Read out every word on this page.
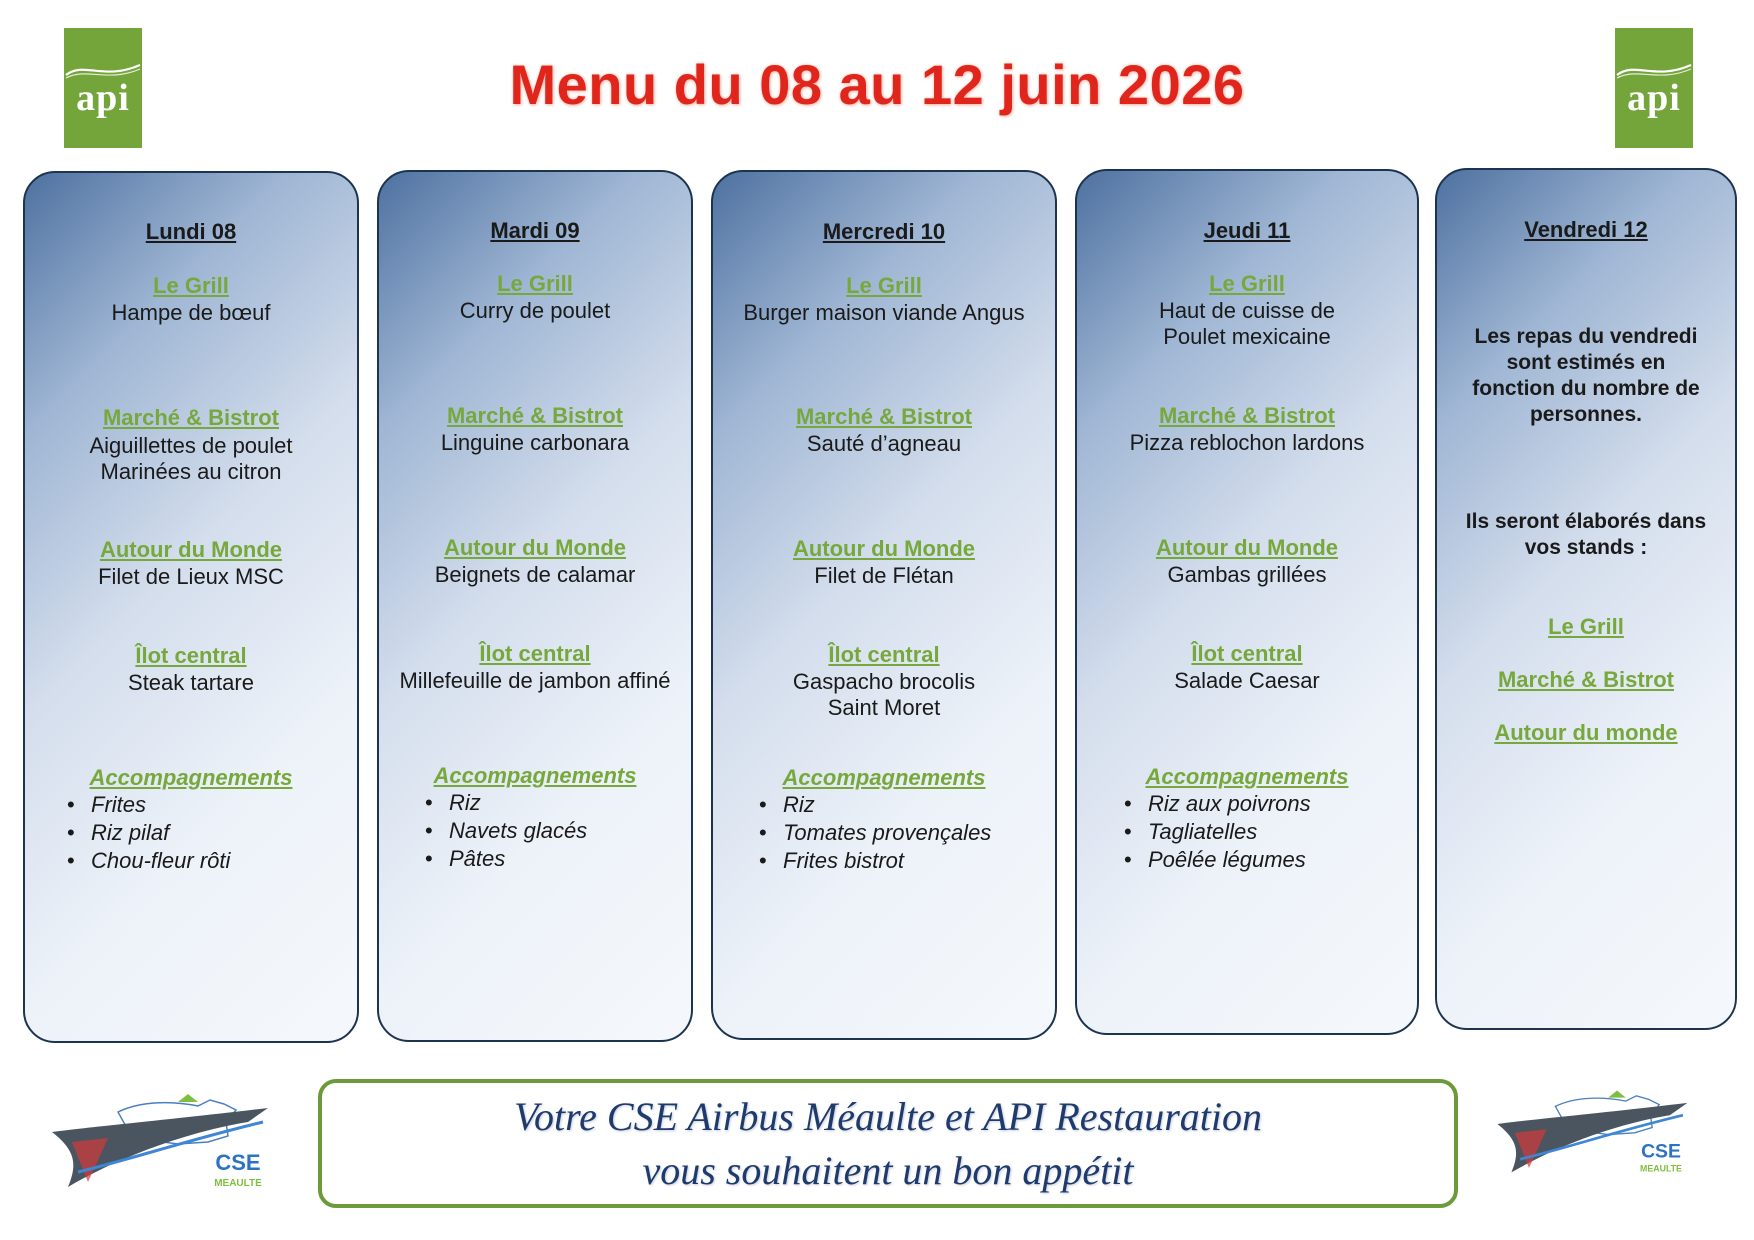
api	api
Menu du 08 au 12 juin 2026
Lundi 08
Le Grill
Hampe de bœuf
Marché & Bistrot
Aiguillettes de poulet
Marinées au citron
Autour du Monde
Filet de Lieux MSC
Îlot central
Steak tartare
Accompagnements
• Frites
• Riz pilaf
• Chou-fleur rôti
Mardi 09
Le Grill
Curry de poulet
Marché & Bistrot
Linguine carbonara
Autour du Monde
Beignets de calamar
Îlot central
Millefeuille de jambon affiné
Accompagnements
• Riz
• Navets glacés
• Pâtes
Mercredi 10
Le Grill
Burger maison viande Angus
Marché & Bistrot
Sauté d’agneau
Autour du Monde
Filet de Flétan
Îlot central
Gaspacho brocolis
Saint Moret
Accompagnements
• Riz
• Tomates provençales
• Frites bistrot
Jeudi 11
Le Grill
Haut de cuisse de
Poulet mexicaine
Marché & Bistrot
Pizza reblochon lardons
Autour du Monde
Gambas grillées
Îlot central
Salade Caesar
Accompagnements
• Riz aux poivrons
• Tagliatelles
• Poêlée légumes
Vendredi 12
Les repas du vendredi
sont estimés en
fonction du nombre de
personnes.
Ils seront élaborés dans
vos stands :
Le Grill
Marché & Bistrot
Autour du monde
CSE
MEAULTE
Votre CSE Airbus Méaulte et API Restauration
vous souhaitent un bon appétit	CSE
MEAULTE
